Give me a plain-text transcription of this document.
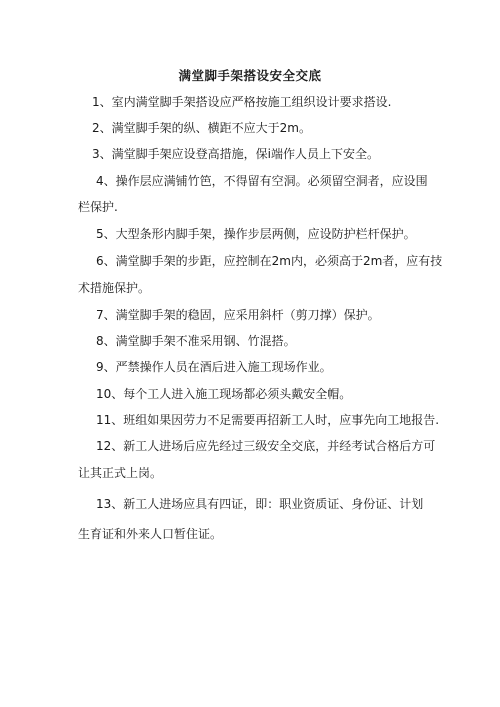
满堂脚手架搭设安全交底
1、室内满堂脚手架搭设应严格按施工组织设计要求搭设.
2、满堂脚手架的纵、横距不应大于2m。
3、满堂脚手架应设登高措施，保i端作人员上下安全。
4、操作层应满铺竹笆，不得留有空洞。必须留空洞者，应设围
栏保护.
5、大型条形内脚手架，操作步层两侧，应设防护栏杆保护。
6、满堂脚手架的步距，应控制在2m内，必须高于2m者，应有技
术措施保护。
7、满堂脚手架的稳固，应采用斜杆（剪刀撑）保护。
8、满堂脚手架不准采用钢、竹混搭。
9、严禁操作人员在酒后进入施工现场作业。
10、每个工人进入施工现场都必须头戴安全帽。
11、班组如果因劳力不足需要再招新工人时，应事先向工地报告.
12、新工人进场后应先经过三级安全交底，并经考试合格后方可
让其正式上岗。
13、新工人进场应具有四证，即：职业资质证、身份证、计划
生育证和外来人口暂住证。
